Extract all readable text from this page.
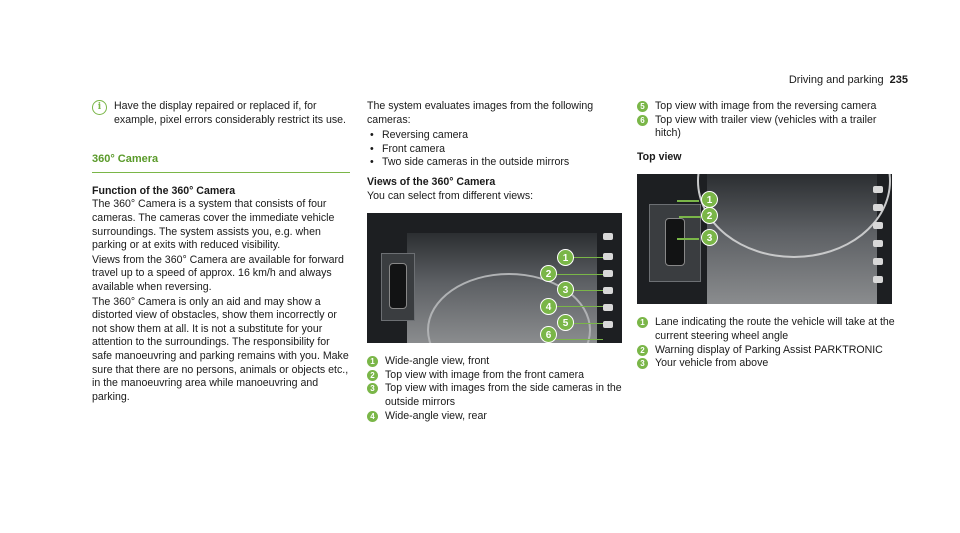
Driving and parking 235
i	Have the display repaired or replaced if, for example, pixel errors considerably restrict its use.

360° Camera
Function of the 360° Camera

The 360° Camera is a system that consists of four cameras. The cameras cover the immediate vehicle surroundings. The system assists you, e.g. when parking or at exits with reduced visibility.

Views from the 360° Camera are available for forward travel up to a speed of approx. 16 km/h and always available when reversing.

The 360° Camera is only an aid and may show a distorted view of obstacles, show them incorrectly or not show them at all. It is not a substitute for your attention to the surroundings. The responsibility for safe manoeuvring and parking remains with you. Make sure that there are no persons, animals or objects etc., in the manoeuvring area while manoeuvring and parking.

The system evaluates images from the following cameras:

• Reversing camera
• Front camera
• Two side cameras in the outside mirrors
Views of the 360° Camera

You can select from different views:

1
2
3
4
5
6
1 Wide-angle view, front
2 Top view with image from the front camera
3 Top view with images from the side cameras in the outside mirrors
4 Wide-angle view, rear
5 Top view with image from the reversing camera
6 Top view with trailer view (vehicles with a trailer hitch)
Top view
1
2
3
1 Lane indicating the route the vehicle will take at the current steering wheel angle
2 Warning display of Parking Assist PARKTRONIC
3 Your vehicle from above
